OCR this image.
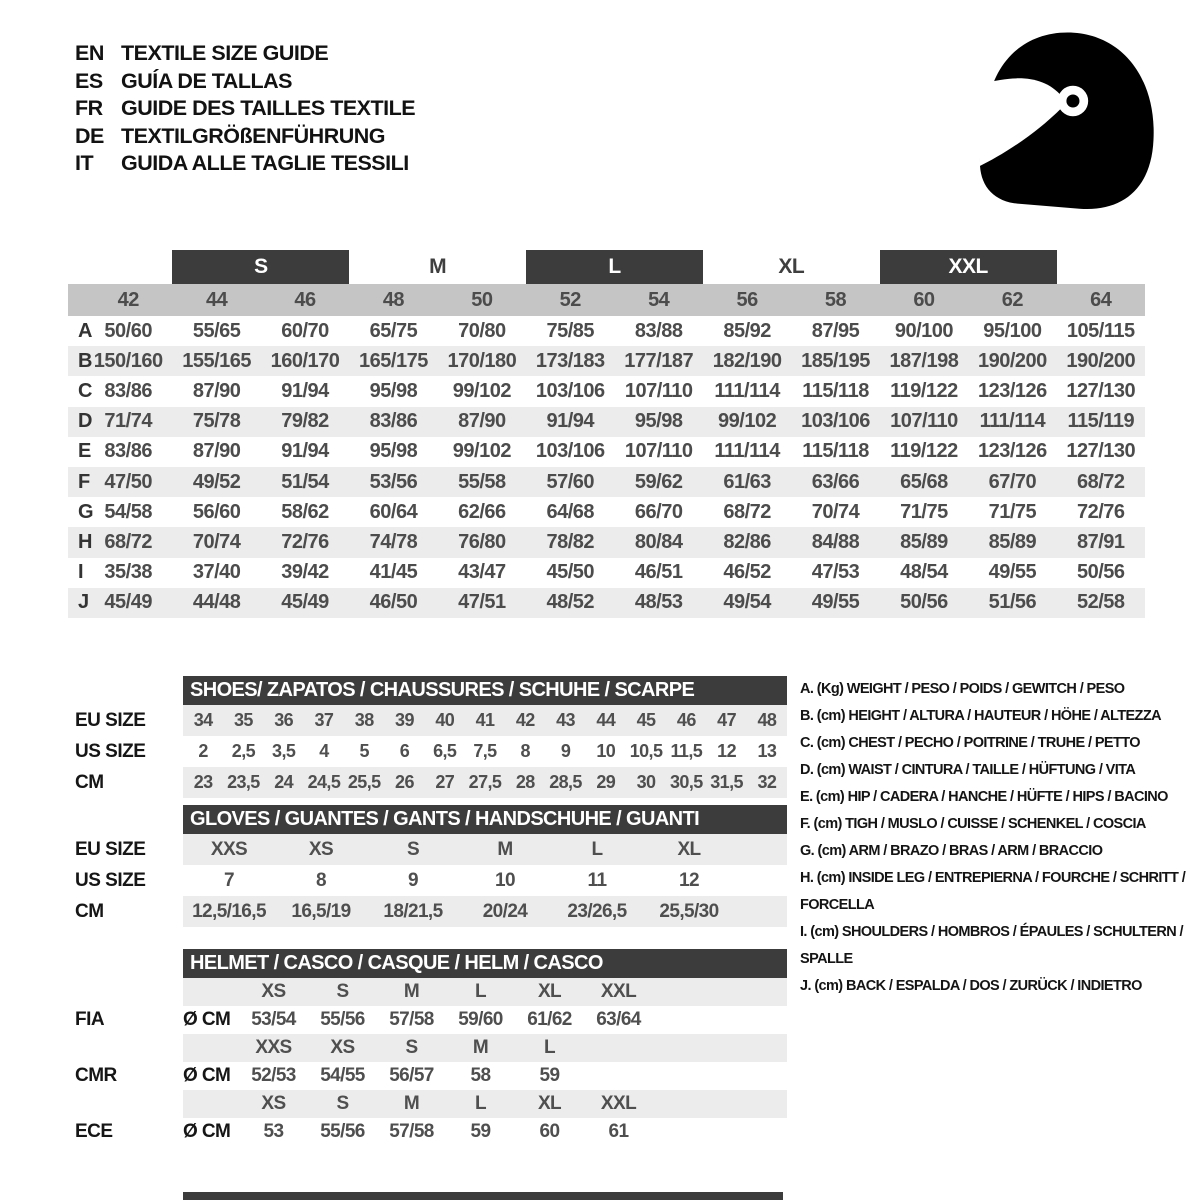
EN TEXTILE SIZE GUIDE
ES GUÍA DE TALLAS
FR GUIDE DES TAILLES TEXTILE
DE TEXTILGRÖßENFÜHRUNG
IT	GUIDA ALLE TAGLIE TESSILI
S	M	L	XL	XXL
42	44	46	48	50	52	54	56	58	60	62	64
A 50/60	55/65	60/70	65/75	70/80	75/85	83/88	85/92	87/95	90/100	95/100	105/115
B 150/160 155/165 160/170 165/175 170/180 173/183 177/187 182/190 185/195 187/198 190/200 190/200
C 83/86	87/90	91/94	95/98	99/102	103/106	107/110	111/114	115/118	119/122	123/126 127/130
D 71/74	75/78	79/82	83/86	87/90	91/94	95/98	99/102	103/106	107/110	111/114	115/119
E 83/86	87/90	91/94	95/98	99/102	103/106	107/110	111/114	115/118	119/122	123/126 127/130
F 47/50	49/52	51/54	53/56	55/58	57/60	59/62	61/63	63/66	65/68	67/70	68/72
G 54/58	56/60	58/62	60/64	62/66	64/68	66/70	68/72	70/74	71/75	71/75	72/76
H 68/72	70/74	72/76	74/78	76/80	78/82	80/84	82/86	84/88	85/89	85/89	87/91
I	35/38	37/40	39/42	41/45	43/47	45/50	46/51	46/52	47/53	48/54	49/55	50/56
J 45/49	44/48	45/49	46/50	47/51	48/52	48/53	49/54	49/55	50/56	51/56	52/58
SHOES/ ZAPATOS / CHAUSSURES / SCHUHE / SCARPE
EU SIZE	34	35	36	37	38	39	40	41	42	43	44	45	46	47	48
US SIZE	2	2,5 3,5	4	5	6	6,5 7,5	8	9	10 10,5 11,5 12	13
CM	23 23,5 24 24,5 25,5 26	27 27,5 28 28,5 29	30 30,5 31,5 32
GLOVES / GUANTES / GANTS / HANDSCHUHE / GUANTI
EU SIZE	XXS	XS	S	M	L	XL
US SIZE	7	8	9	10	11	12
CM	12,5/16,5	16,5/19	18/21,5	20/24	23/26,5	25,5/30
HELMET / CASCO / CASQUE / HELM / CASCO
XS	S	M	L	XL	XXL
FIA	Ø CM	53/54	55/56	57/58	59/60	61/62	63/64
XXS	XS	S	M	L
CMR	Ø CM	52/53	54/55	56/57	58	59
XS	S	M	L	XL	XXL
ECE	Ø CM	53	55/56	57/58	59	60	61
A. (Kg) WEIGHT / PESO / POIDS / GEWITCH / PESO
B. (cm) HEIGHT / ALTURA / HAUTEUR / HÖHE / ALTEZZA
C. (cm) CHEST / PECHO / POITRINE / TRUHE / PETTO
D. (cm) WAIST / CINTURA / TAILLE / HÜFTUNG / VITA
E. (cm) HIP / CADERA / HANCHE / HÜFTE / HIPS / BACINO
F. (cm) TIGH / MUSLO / CUISSE / SCHENKEL / COSCIA
G. (cm) ARM / BRAZO / BRAS / ARM / BRACCIO
H. (cm) INSIDE LEG / ENTREPIERNA / FOURCHE / SCHRITT / FORCELLA
I. (cm) SHOULDERS / HOMBROS / ÉPAULES / SCHULTERN / SPALLE
J. (cm) BACK / ESPALDA / DOS / ZURÜCK / INDIETRO
